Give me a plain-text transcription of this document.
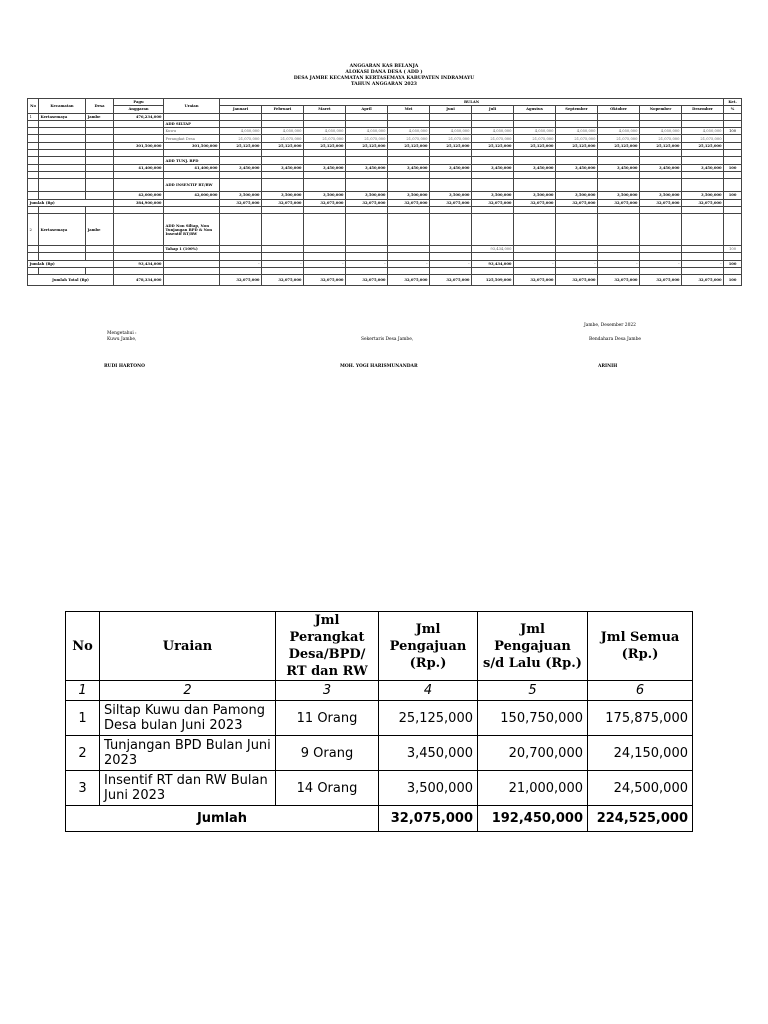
ANGGARAN KAS BELANJA
ALOKASI DANA DESA ( ADD )
DESA JAMBE KECAMATAN KERTASEMAYA KABUPATEN INDRAMAYU
TAHUN ANGGARAN 2023
No	Kecamatan	Desa	Pagu	Uraian	BULAN												Ket.
			Anggaran		Januari	Februari	Maret	April	Mei	Juni	Juli	Agustus	September	Oktober	Nopember	Desember	%
1	Kertasemaya	Jambe	476,234,000														
				ADD SILTAP													
				Kuwu	4,050,000	4,050,000	4,050,000	4,050,000	4,050,000	4,050,000	4,050,000	4,050,000	4,050,000	4,050,000	4,050,000	4,050,000	100
				Perangkat Desa	21,075,000	21,075,000	21,075,000	21,075,000	21,075,000	21,075,000	21,075,000	21,075,000	21,075,000	21,075,000	21,075,000	21,075,000	
			301,500,000	301,500,000	25,125,000	25,125,000	25,125,000	25,125,000	25,125,000	25,125,000	25,125,000	25,125,000	25,125,000	25,125,000	25,125,000	25,125,000	

				ADD TUNJ. BPD													
			41,400,000	41,400,000	3,450,000	3,450,000	3,450,000	3,450,000	3,450,000	3,450,000	3,450,000	3,450,000	3,450,000	3,450,000	3,450,000	3,450,000	100

				ADD INSENTIF RT/RW													
			42,000,000	42,000,000	3,500,000	3,500,000	3,500,000	3,500,000	3,500,000	3,500,000	3,500,000	3,500,000	3,500,000	3,500,000	3,500,000	3,500,000	100
Jumlah (Rp)			384,900,000		32,075,000	32,075,000	32,075,000	32,075,000	32,075,000	32,075,000	32,075,000	32,075,000	32,075,000	32,075,000	32,075,000	32,075,000	

2	Kertasemaya	Jambe		ADD Non Siltap, Non Tunjangan BPD & Non Insentif RT/RW													
				Tahap 1 (100%)							93,434,000						100

Jumlah (Rp)			93,434,000		-	-	-	-	-	-	93,434,000	-	-	-	-	-	100

Jumlah Total (Rp)			478,334,000		32,075,000	32,075,000	32,075,000	32,075,000	32,075,000	32,075,000	125,509,000	32,075,000	32,075,000	32,075,000	32,075,000	32,075,000	100
Jambe, Desember 2022
Mengetahui :
Kuwu Jambe,	Sekertaris Desa Jambe,	Bendahara Desa Jambe
RUDI HARTONO	MOH. YOGI HARISMUNANDAR	ARINIH
No	Uraian	Jml Perangkat Desa/BPD/ RT dan RW	Jml Pengajuan (Rp.)	Jml Pengajuan s/d Lalu (Rp.)	Jml Semua (Rp.)
1	2	3	4	5	6
1	Siltap Kuwu dan Pamong Desa bulan Juni 2023	11 Orang	25,125,000	150,750,000	175,875,000
2	Tunjangan BPD Bulan Juni 2023	9 Orang	3,450,000	20,700,000	24,150,000
3	Insentif RT dan RW Bulan Juni 2023	14 Orang	3,500,000	21,000,000	24,500,000
Jumlah			32,075,000	192,450,000	224,525,000
